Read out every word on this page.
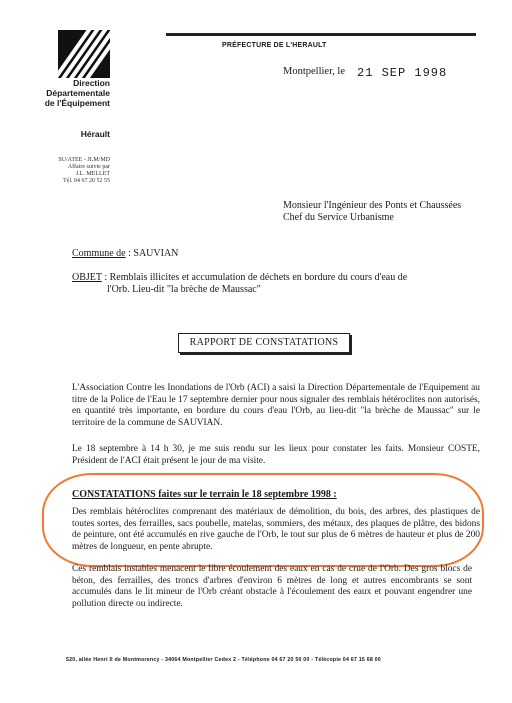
Direction
Départementale
de l'Équipement
Hérault
SU/ATEE - JLM/MD
Affaire suivie par
J.L. MELLET
Tél. 04 67 20 52 55
PRÉFECTURE DE L'HERAULT
Montpellier, le 21 SEP 1998
Monsieur l'Ingénieur des Ponts et Chaussées
Chef du Service Urbanisme
Commune de : SAUVIAN
OBJET : Remblais illicites et accumulation de déchets en bordure du cours d'eau de
l'Orb. Lieu-dit "la brèche de Maussac"
RAPPORT DE CONSTATATIONS
L'Association Contre les Inondations de l'Orb (ACI) a saisi la Direction Départementale de l'Equipement au titre de la Police de l'Eau le 17 septembre dernier pour nous signaler des remblais hétéroclites non autorisés, en quantité très importante, en bordure du cours d'eau l'Orb, au lieu-dit "la brèche de Maussac" sur le territoire de la commune de SAUVIAN.
Le 18 septembre à 14 h 30, je me suis rendu sur les lieux pour constater les faits. Monsieur COSTE, Président de l'ACI était présent le jour de ma visite.
CONSTATATIONS faites sur le terrain le 18 septembre 1998 :
Des remblais hétéroclites comprenant des matériaux de démolition, du bois, des arbres, des plastiques de toutes sortes, des ferrailles, sacs poubelle, matelas, sommiers, des métaux, des plaques de plâtre, des bidons de peinture, ont été accumulés en rive gauche de l'Orb, le tout sur plus de 6 mètres de hauteur et plus de 200 mètres de longueur, en pente abrupte.
Ces remblais instables menacent le libre écoulement des eaux en cas de crue de l'Orb. Des gros blocs de béton, des ferrailles, des troncs d'arbres d'environ 6 mètres de long et autres encombrants se sont accumulés dans le lit mineur de l'Orb créant obstacle à l'écoulement des eaux et pouvant engendrer une pollution directe ou indirecte.
520, allée Henri II de Montmorency - 34064 Montpellier Cedex 2 - Téléphone 04 67 20 50 00 - Télécopie 04 67 15 68 00
